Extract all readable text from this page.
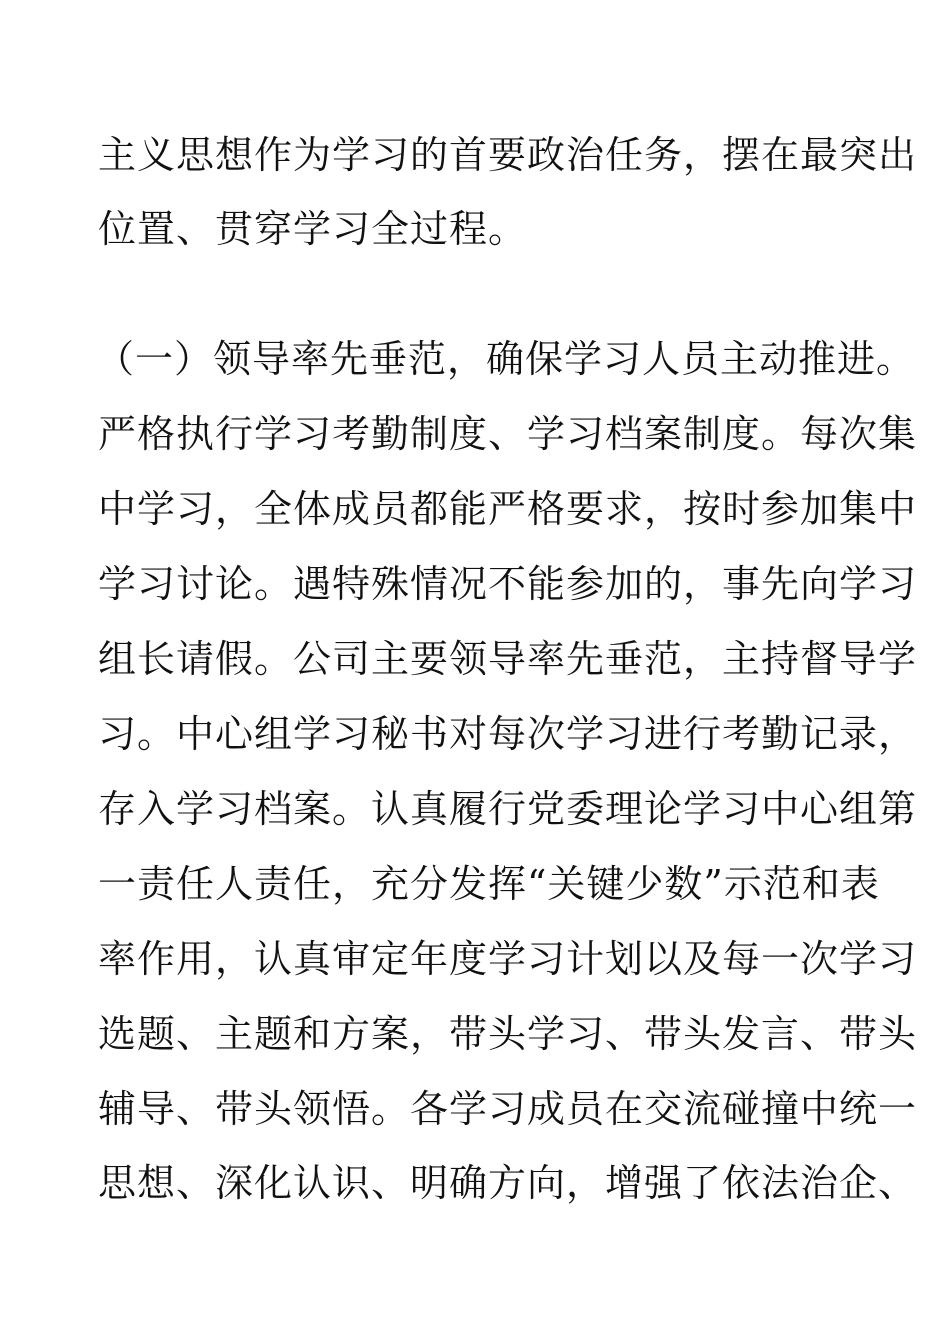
主义思想作为学习的首要政治任务，摆在最突出
位置、贯穿学习全过程。
（一）领导率先垂范，确保学习人员主动推进。
严格执行学习考勤制度、学习档案制度。每次集
中学习，全体成员都能严格要求，按时参加集中
学习讨论。遇特殊情况不能参加的，事先向学习
组长请假。公司主要领导率先垂范，主持督导学
习。中心组学习秘书对每次学习进行考勤记录，
存入学习档案。认真履行党委理论学习中心组第
一责任人责任，充分发挥“关键少数”示范和表
率作用，认真审定年度学习计划以及每一次学习
选题、主题和方案，带头学习、带头发言、带头
辅导、带头领悟。各学习成员在交流碰撞中统一
思想、深化认识、明确方向，增强了依法治企、
